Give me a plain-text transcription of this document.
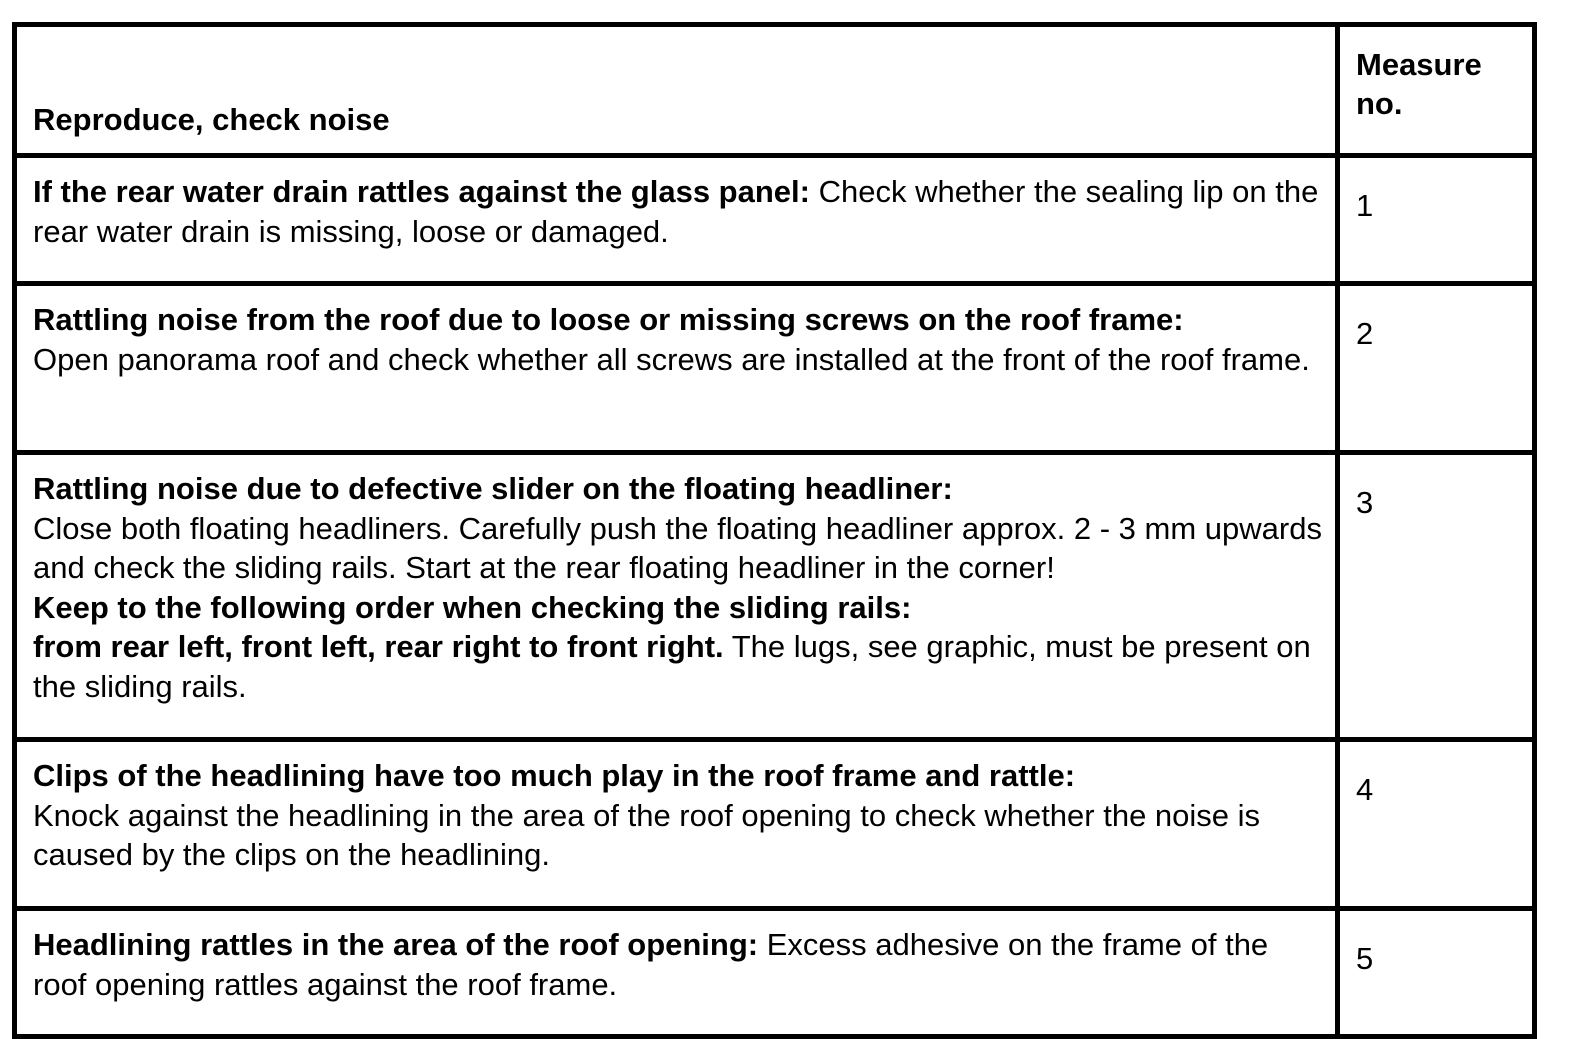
Reproduce, check noise	Measure
no.
If the rear water drain rattles against the glass panel: Check whether the sealing lip on the rear water drain is missing, loose or damaged.	1
Rattling noise from the roof due to loose or missing screws on the roof frame:
Open panorama roof and check whether all screws are installed at the front of the roof frame.	2
Rattling noise due to defective slider on the floating headliner:
Close both floating headliners. Carefully push the floating headliner approx. 2 - 3 mm upwards and check the sliding rails. Start at the rear floating headliner in the corner!
Keep to the following order when checking the sliding rails:
from rear left, front left, rear right to front right. The lugs, see graphic, must be present on the sliding rails.	3
Clips of the headlining have too much play in the roof frame and rattle:
Knock against the headlining in the area of the roof opening to check whether the noise is caused by the clips on the headlining.	4
Headlining rattles in the area of the roof opening: Excess adhesive on the frame of the roof opening rattles against the roof frame.	5
